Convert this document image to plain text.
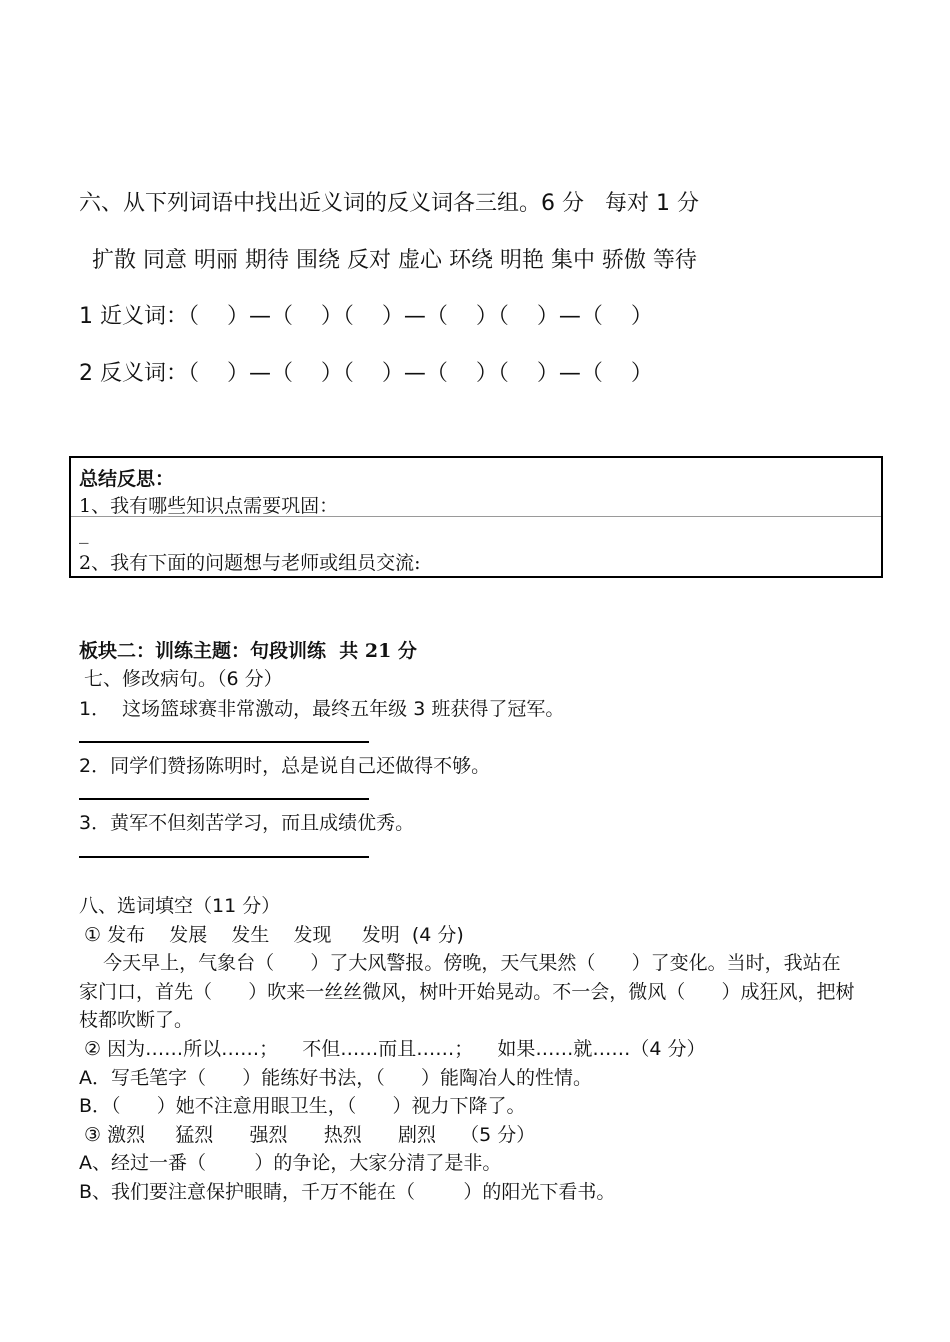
六、从下列词语中找出近义词的反义词各三组。6 分   每对 1 分
扩散 同意 明丽 期待 围绕 反对 虚心 环绕 明艳 集中 骄傲 等待
1 近义词：（    ）—（    ）（    ）—（    ）（    ）—（    ）
2 反义词：（    ）—（    ）（    ）—（    ）（    ）—（    ）
总结反思：
1、我有哪些知识点需要巩固：
_
2、我有下面的问题想与老师或组员交流:
板块二：训练主题：句段训练  共 21 分
七、修改病句。（6 分）
1．  这场篮球赛非常激动，最终五年级 3 班获得了冠军。
2．同学们赞扬陈明时，总是说自己还做得不够。
3．黄军不但刻苦学习，而且成绩优秀。
八、选词填空（11 分）
① 发布    发展    发生    发现     发明  (4 分)
今天早上，气象台（      ）了大风警报。傍晚，天气果然（      ）了变化。当时，我站在
家门口，首先（      ）吹来一丝丝微风，树叶开始晃动。不一会，微风（      ）成狂风，把树
枝都吹断了。
② 因为……所以……；    不但……而且……；    如果……就……（4 分）
A．写毛笔字（      ）能练好书法，（      ）能陶冶人的性情。
B．（      ）她不注意用眼卫生，（      ）视力下降了。
③ 激烈     猛烈      强烈      热烈      剧烈    （5 分）
A、经过一番（        ）的争论，大家分清了是非。
B、我们要注意保护眼睛，千万不能在（        ）的阳光下看书。
